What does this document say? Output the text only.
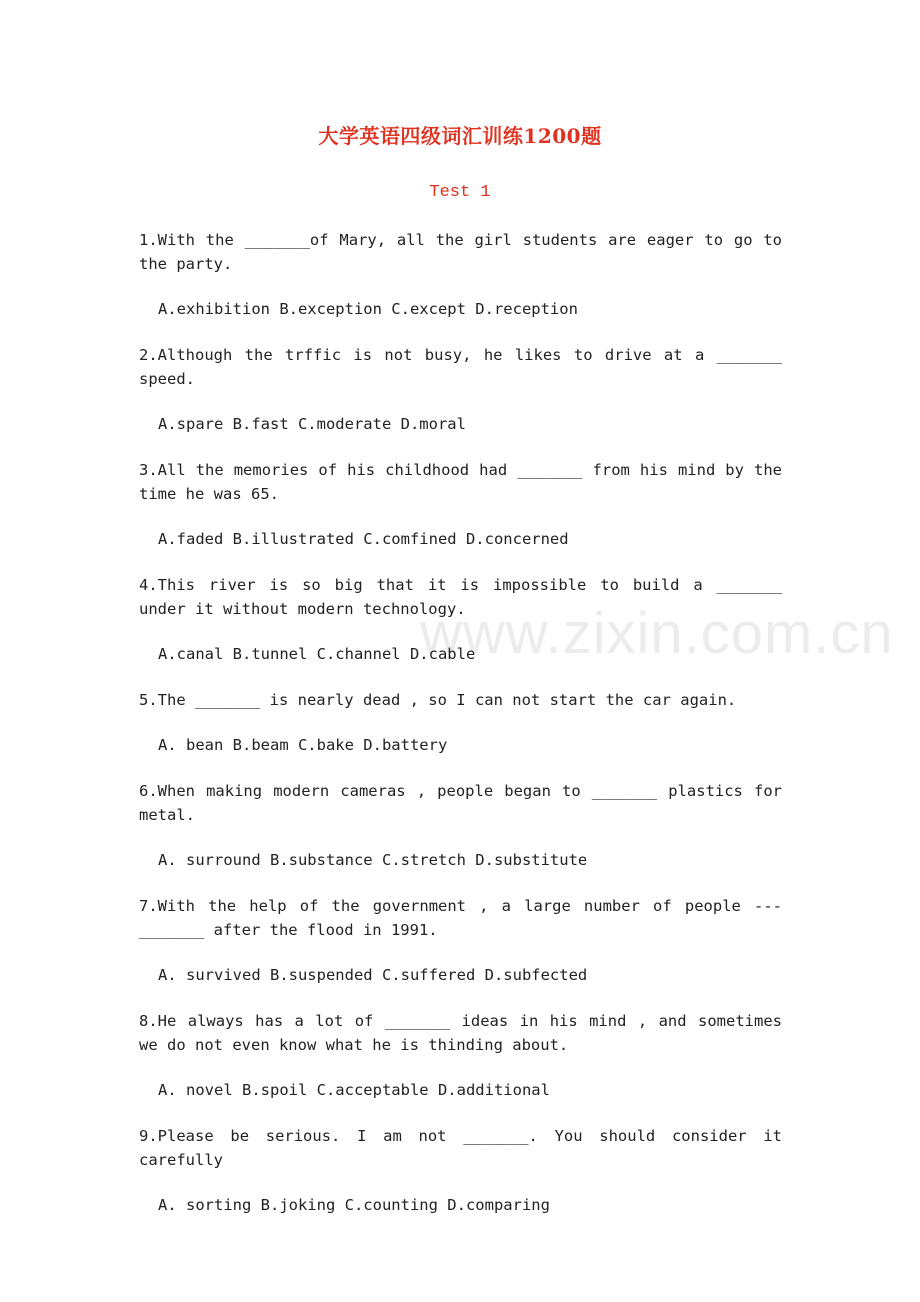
www.zixin.com.cn
大学英语四级词汇训练1200题
Test 1
1.With the _______of Mary, all the girl students are eager to go to the party.
A.exhibition B.exception C.except D.reception
2.Although the trffic is not busy, he likes to drive at a _______ speed.
A.spare B.fast C.moderate D.moral
3.All the memories of his childhood had _______ from his mind by the time he was 65.
A.faded B.illustrated C.comfined D.concerned
4.This river is so big that it is impossible to build a _______ under it without modern technology.
A.canal B.tunnel C.channel D.cable
5.The _______ is nearly dead , so I can not start the car again.
A. bean B.beam C.bake D.battery
6.When making modern cameras , people began to _______ plastics for metal.
A. surround B.substance C.stretch D.substitute
7.With the help of the government , a large number of people ---_______ after the flood in 1991.
A. survived B.suspended C.suffered D.subfected
8.He always has a lot of _______ ideas in his mind , and sometimes we do not even know what he is thinding about.
A. novel B.spoil C.acceptable D.additional
9.Please be serious. I am not _______. You should consider it carefully
A. sorting B.joking C.counting D.comparing
